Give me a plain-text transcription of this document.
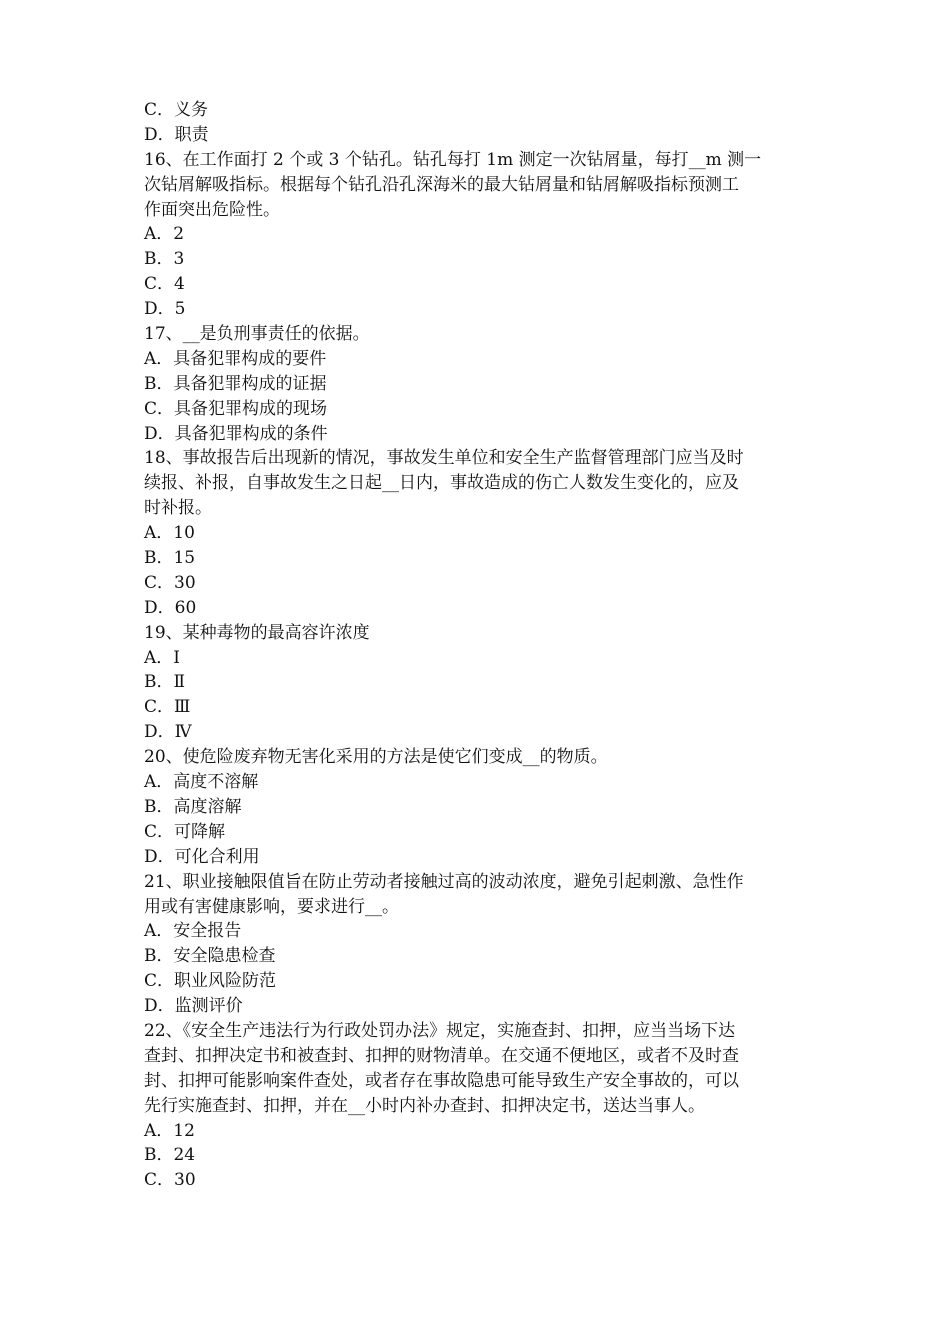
C．义务
D．职责
16、在工作面打 2 个或 3 个钻孔。钻孔每打 1m 测定一次钻屑量，每打__m 测一
次钻屑解吸指标。根据每个钻孔沿孔深海米的最大钻屑量和钻屑解吸指标预测工
作面突出危险性。
A．2
B．3
C．4
D．5
17、__是负刑事责任的依据。
A．具备犯罪构成的要件
B．具备犯罪构成的证据
C．具备犯罪构成的现场
D．具备犯罪构成的条件
18、事故报告后出现新的情况，事故发生单位和安全生产监督管理部门应当及时
续报、补报，自事故发生之日起__日内，事故造成的伤亡人数发生变化的，应及
时补报。
A．10
B．15
C．30
D．60
19、某种毒物的最高容许浓度
A．Ⅰ
B．Ⅱ
C．Ⅲ
D．Ⅳ
20、使危险废弃物无害化采用的方法是使它们变成__的物质。
A．高度不溶解
B．高度溶解
C．可降解
D．可化合利用
21、职业接触限值旨在防止劳动者接触过高的波动浓度，避免引起刺激、急性作
用或有害健康影响，要求进行__。
A．安全报告
B．安全隐患检查
C．职业风险防范
D．监测评价
22、《安全生产违法行为行政处罚办法》规定，实施查封、扣押，应当当场下达
查封、扣押决定书和被查封、扣押的财物清单。在交通不便地区，或者不及时查
封、扣押可能影响案件查处，或者存在事故隐患可能导致生产安全事故的，可以
先行实施查封、扣押，并在__小时内补办查封、扣押决定书，送达当事人。
A．12
B．24
C．30
